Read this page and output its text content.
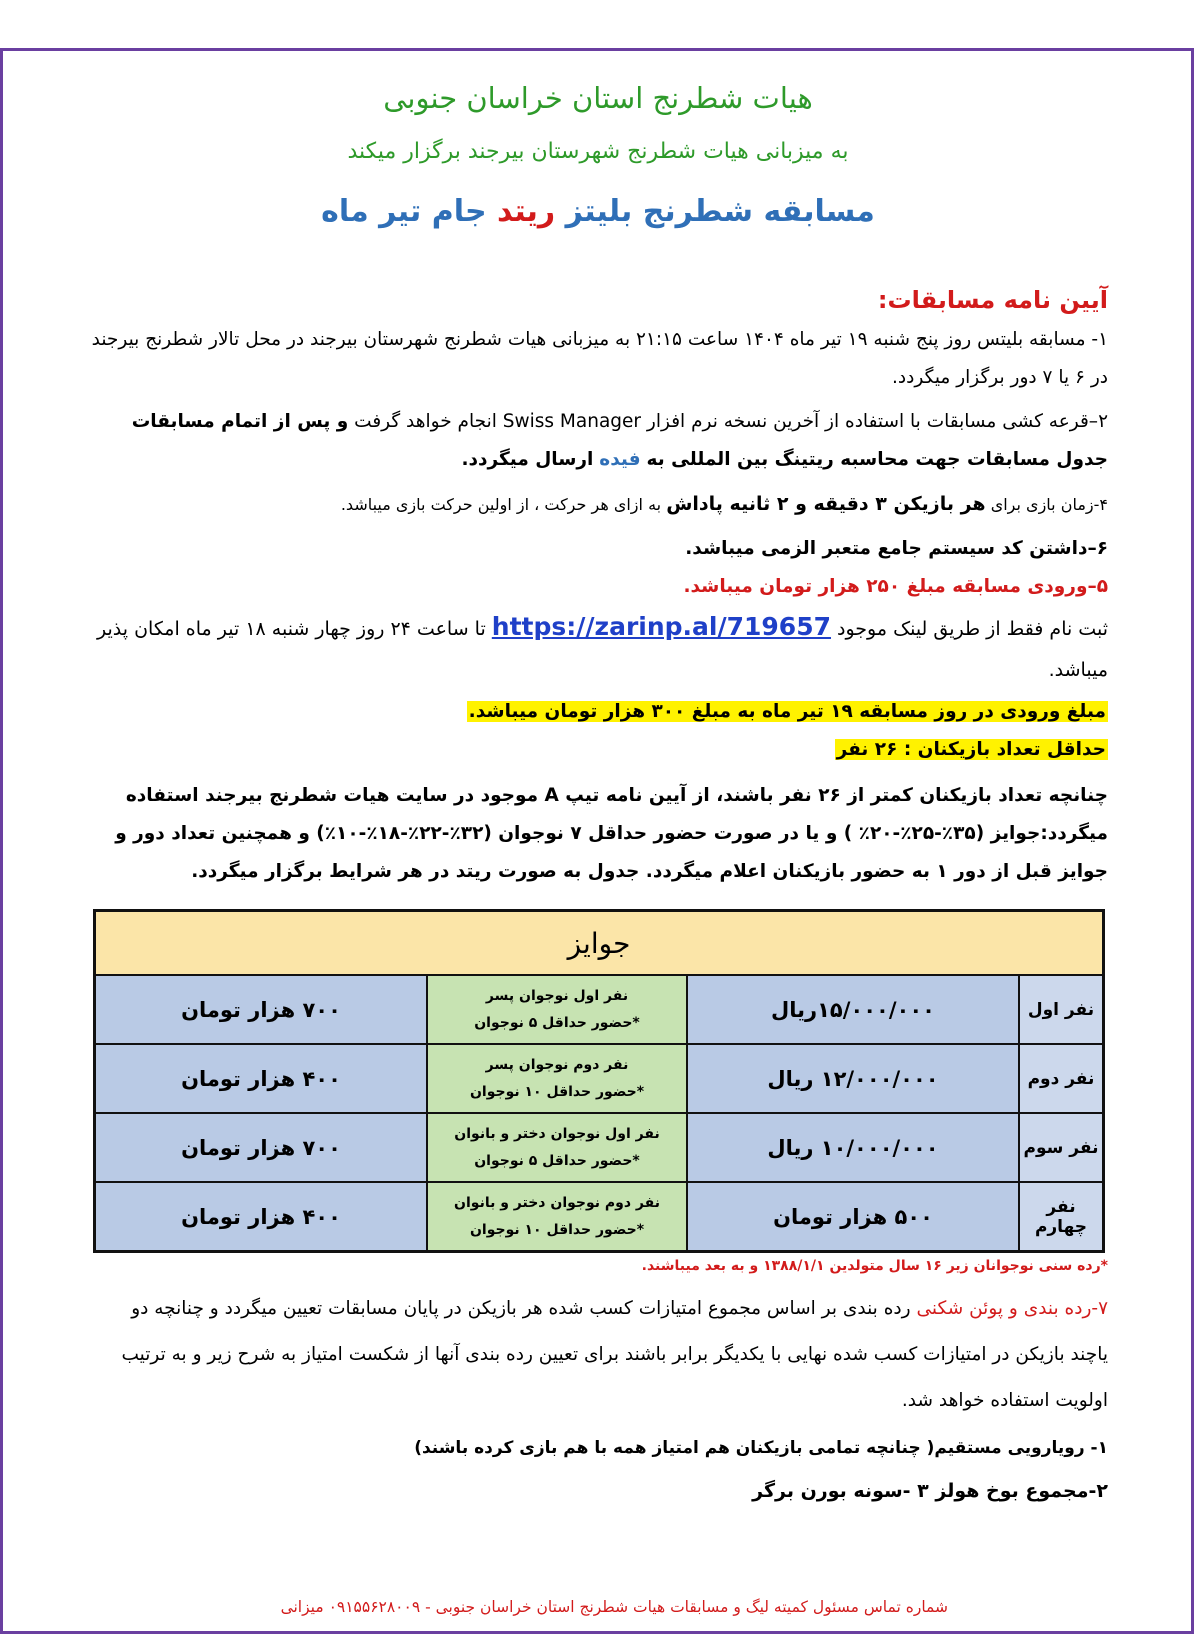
هیات شطرنج استان خراسان جنوبی
به میزبانی هیات شطرنج شهرستان بیرجند برگزار میکند
مسابقه شطرنج بلیتز ریتد جام تیر ماه
آیین نامه مسابقات:
۱- مسابقه بلیتس روز پنج شنبه ۱۹ تیر ماه ۱۴۰۴ ساعت ۲۱:۱۵ به میزبانی هیات شطرنج شهرستان بیرجند در محل تالار شطرنج بیرجند در ۶ یا ۷ دور برگزار میگردد.
۲–قرعه کشی مسابقات با استفاده از آخرین نسخه نرم افزار Swiss Manager انجام خواهد گرفت و پس از اتمام مسابقات جدول مسابقات جهت محاسبه ریتینگ بین المللی به فیده ارسال میگردد.
۴-زمان بازی برای هر بازیکن ۳ دقیقه و ۲ ثانیه پاداش به ازای هر حرکت ، از اولین حرکت بازی میباشد.
۶–داشتن کد سیستم جامع متعبر الزمی میباشد.
۵–ورودی مسابقه مبلغ ۲۵۰ هزار تومان میباشد.
ثبت نام فقط از طریق لینک موجود https://zarinp.al/719657 تا ساعت ۲۴ روز چهار شنبه ۱۸ تیر ماه امکان پذیر میباشد.
مبلغ ورودی در روز مسابقه ۱۹ تیر ماه به مبلغ ۳۰۰ هزار تومان میباشد.
حداقل تعداد بازیکنان : ۲۶ نفر
چنانچه تعداد بازیکنان کمتر از ۲۶ نفر باشند، از آیین نامه تیپ A موجود در سایت هیات شطرنج بیرجند استفاده میگردد:جوایز (۳۵٪-۲۵٪-۲۰٪ ) و یا در صورت حضور حداقل ۷ نوجوان (۳۲٪-۲۲٪-۱۸٪-۱۰٪) و همچنین تعداد دور و جوایز قبل از دور ۱ به حضور بازیکنان اعلام میگردد. جدول به صورت ریتد در هر شرایط برگزار میگردد.
جوایز			
نفر اول	۱۵/۰۰۰/۰۰۰ریال	نفر اول نوجوان پسر
*حضور حداقل ۵ نوجوان	۷۰۰ هزار تومان
نفر دوم	۱۲/۰۰۰/۰۰۰ ریال	نفر دوم نوجوان پسر
*حضور حداقل ۱۰ نوجوان	۴۰۰ هزار تومان
نفر سوم	۱۰/۰۰۰/۰۰۰ ریال	نفر اول نوجوان دختر و بانوان
*حضور حداقل ۵ نوجوان	۷۰۰ هزار تومان
نفر چهارم	۵۰۰ هزار تومان	نفر دوم نوجوان دختر و بانوان
*حضور حداقل ۱۰ نوجوان	۴۰۰ هزار تومان
*رده سنی نوجوانان زیر ۱۶ سال متولدین ۱۳۸۸/۱/۱ و به بعد میباشند.
۷-رده بندی و پوئن شکنی رده بندی بر اساس مجموع امتیازات کسب شده هر بازیکن در پایان مسابقات تعیین میگردد و چنانچه دو یاچند بازیکن در امتیازات کسب شده نهایی با یکدیگر برابر باشند برای تعیین رده بندی آنها از شکست امتیاز به شرح زیر و به ترتیب اولویت استفاده خواهد شد.
۱- رویارویی مستقیم( چنانچه تمامی بازیکنان هم امتیاز همه با هم بازی کرده باشند)
۲-مجموع بوخ هولز ۳ -سونه بورن برگر
شماره تماس مسئول کمیته لیگ و مسابقات هیات شطرنج استان خراسان جنوبی - ۰۹۱۵۵۶۲۸۰۰۹ میزانی
